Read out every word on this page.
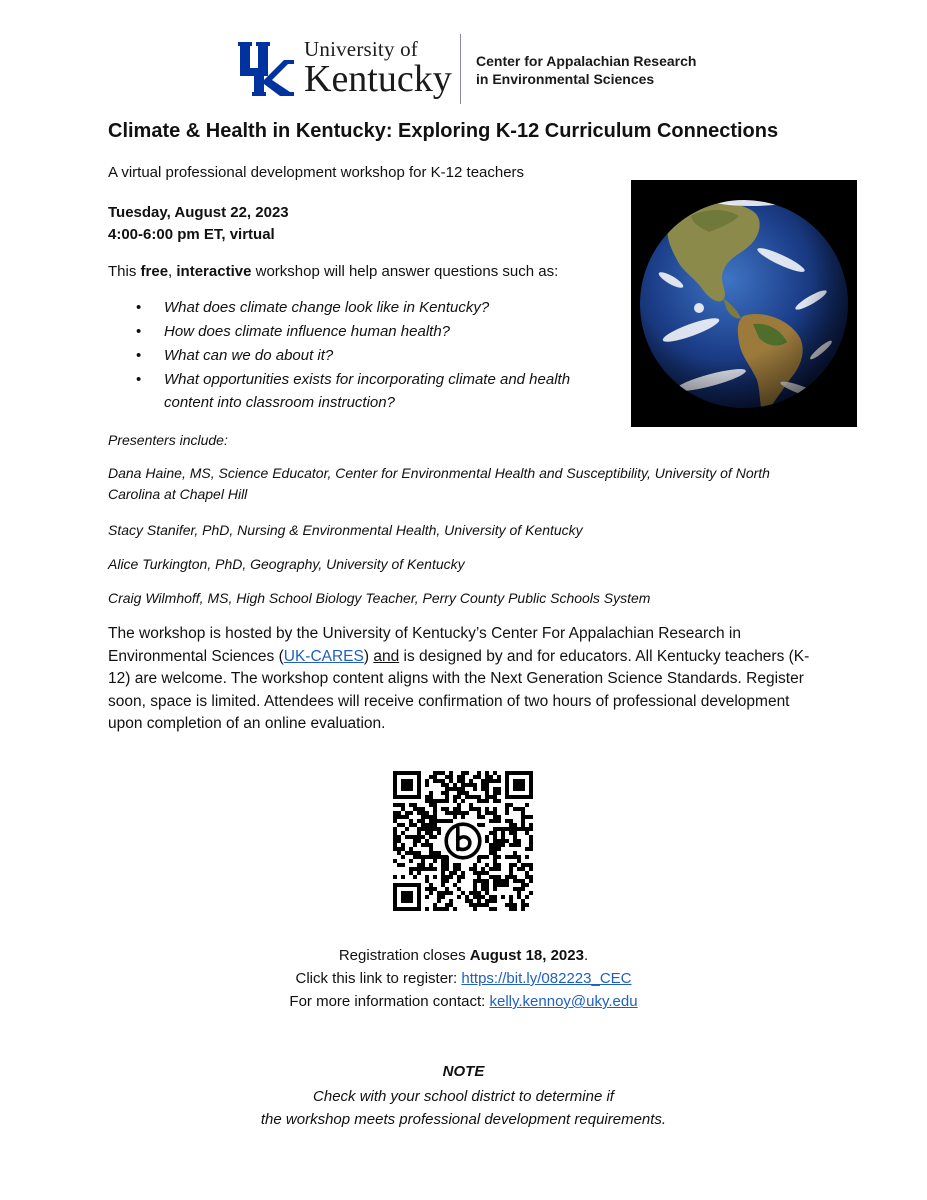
University of
Kentucky Center for Appalachian Research
in Environmental Sciences
Climate & Health in Kentucky: Exploring K-12 Curriculum Connections
A virtual professional development workshop for K-12 teachers
Tuesday, August 22, 2023
4:00-6:00 pm ET, virtual
This free, interactive workshop will help answer questions such as:
• What does climate change look like in Kentucky?
• How does climate influence human health?
• What can we do about it?
• What opportunities exists for incorporating climate and health content into classroom instruction?
Presenters include:
Dana Haine, MS, Science Educator, Center for Environmental Health and Susceptibility, University of North Carolina at Chapel Hill
Stacy Stanifer, PhD, Nursing & Environmental Health, University of Kentucky
Alice Turkington, PhD, Geography, University of Kentucky
Craig Wilmhoff, MS, High School Biology Teacher, Perry County Public Schools System
The workshop is hosted by the University of Kentucky’s Center For Appalachian Research in Environmental Sciences (UK-CARES) and is designed by and for educators. All Kentucky teachers (K-12) are welcome. The workshop content aligns with the Next Generation Science Standards. Register soon, space is limited. Attendees will receive confirmation of two hours of professional development upon completion of an online evaluation.
Registration closes August 18, 2023.
Click this link to register: https://bit.ly/082223_CEC
For more information contact: kelly.kennoy@uky.edu
NOTE
Check with your school district to determine if
the workshop meets professional development requirements.
